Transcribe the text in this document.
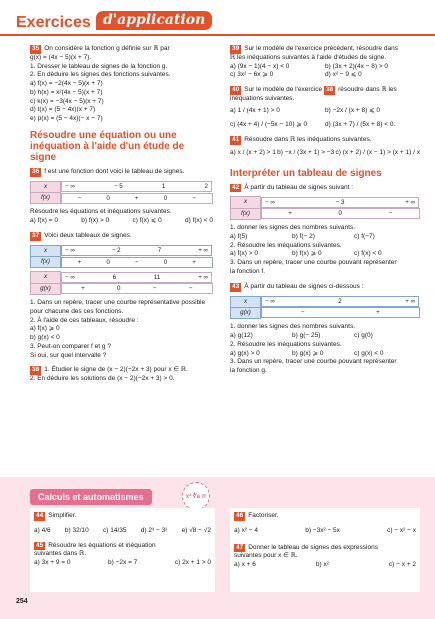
Exercices d'application
35 On considère la fonction g définie sur ℝ par
g(x) = (4x − 5)(x + 7).
1. Dresser le tableau de signes de la fonction g.
2. En déduire les signes des fonctions suivantes.
a) f(x) = −2(4x − 5)(x + 7)
b) h(x) = x²(4x − 5)(x + 7)
c) k(x) = −3(4x − 5)(x + 7)
d) t(x) = (5 − 4x)(x + 7)
e) p(x) = (5 − 4x)(− x − 7)
Résoudre une équation ou une inéquation à l'aide d'un étude de signe
36 f est une fonction dont voici le tableau de signes.
x		− ∞	− 5	1	2

f(x)		−	0	+	0	−
Résoudre les équations et inéquations suivantes.
a) f(x) = 0	b) f(x) > 0	c) f(x) ⩽ 0	d) f(x) < 0
37 Voici deux tableaux de signes.
x		− ∞	− 2	7	+ ∞

f(x)		+	0	−	0	+
x		− ∞	6	11	+ ∞

g(x)		+	0	−	−
1. Dans un repère, tracer une courbe représentative possible
pour chacune des ces fonctions.
2. À l'aide de ces tableaux, résoudre :
a) f(x) ⩾ 0
b) g(x) < 0
3. Peut-on comparer f et g ?
Si oui, sur quel intervalle ?
38 1. Étudier le signe de (x − 2)(−2x + 3) pour x ∈ ℝ.
2. En déduire les solutions de (x − 2)(−2x + 3) > 0.
39 Sur le modèle de l'exercice précédent, résoudre dans
ℝ les inéquations suivantes à l'aide d'études de signe.
a) (9x − 1)(4 − x) < 0	b) (3x + 2)(4x − 8) > 0
c) 3x² − 6x ⩾ 0	d) x² − 9 ⩽ 0
40 Sur le modèle de l'exercice 38 résoudre dans ℝ les
inéquations suivantes.
a) 1 / (4x + 1) > 0	b) −2x / (x + 8) ⩽ 0
c) (4x + 4) / (−5x − 10) ⩾ 0	d) (3x + 7) / (5x + 8) < 0.
41 Résoudre dans ℝ les inéquations suivantes.
a) x / (x + 2) > 1 b) −x / (3x + 1) > −3 c) (x + 2) / (x − 1) > (x + 1) / x
Interpréter un tableau de signes
42 À partir du tableau de signes suivant :
x		− ∞	− 3	+ ∞

f(x)		+	0	−
1. donner les signes des nombres suivants.
a) f(5)	b) f(− 2)	c) f(−7)
2. Résoudre les inéquations suivantes.
a) f(x) > 0	b) f(x) ⩾ 0	c) f(x) < 0
3. Dans un repère, tracer une courbe pouvant représenter
la fonction f.
43 À partir du tableau de signes ci-dessous :
x		− ∞	2	+ ∞

g(x)		−	+
1. donner les signes des nombres suivants.
a) g(12)	b) g(− 25)	c) g(0)
2. Résoudre les inéquations suivantes.
a) g(x) > 0	b) g(x) ⩾ 0	c) g(x) < 0
3. Dans un repère, tracer une courbe pouvant représenter
la fonction g.
Calculs et automatismes	x² ∜a π
44 Simplifier.
a) 4/6 b) 32/10 c) 14/35 d) 2³ − 3² e) √8 − √2
45 Résoudre les équations et inéquation
suivantes dans ℝ.
a) 3x + 9 = 0	b) −2x = 7	c) 2x + 1 > 0
46 Factoriser.
a) x² − 4	b) −3x² − 5x	c) − x² − x
47 Donner le tableau de signes des expressions
suivantes pour x ∈ ℝ.
a) x + 6	b) x²	c) − x + 2
254
